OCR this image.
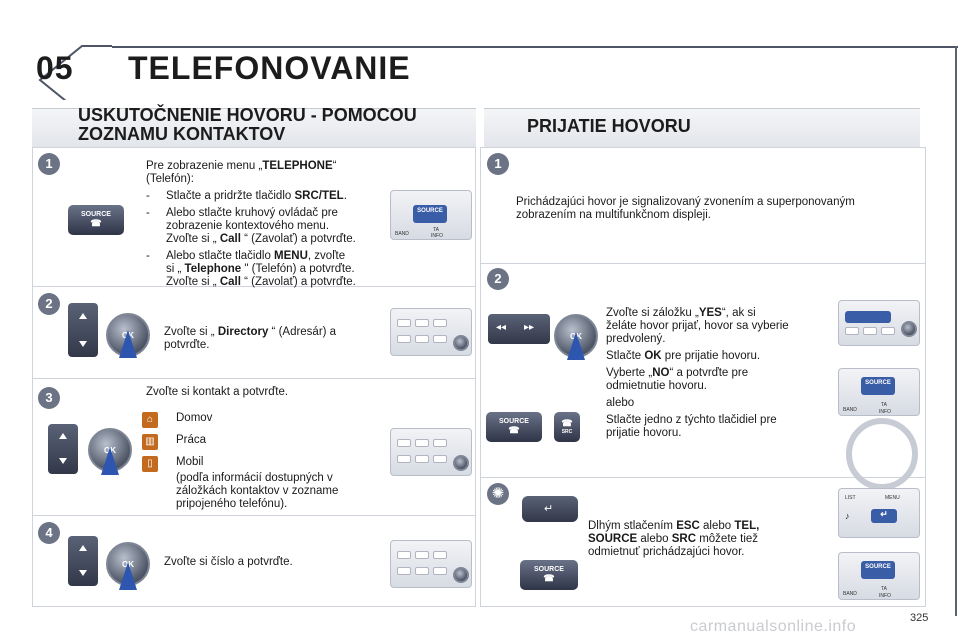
05 TELEFONOVANIE
USKUTOČNENIE HOVORU - POMOCOU
ZOZNAMU KONTAKTOV	PRIJATIE HOVORU
1
SOURCE
☎

Pre zobrazenie menu „TELEPHONE“
(Telefón):

-	Stlačte a pridržte tlačidlo SRC/TEL.
-	Alebo stlačte kruhový ovládač pre
zobrazenie kontextového menu.
Zvoľte si „ Call “ (Zavolať) a potvrďte.
-	Alebo stlačte tlačidlo MENU, zvoľte
si „ Telephone " (Telefón) a potvrďte.
Zvoľte si „ Call “ (Zavolať) a potvrďte.
SOURCE
BAND
TA
INFO
2
OK	Zvoľte si „ Directory “ (Adresár) a
potvrďte.
3	Zvoľte si kontakt a potvrďte.
OK
⌂
▥
▯

Domov

Práca

Mobil

(podľa informácií dostupných v
záložkách kontaktov v zozname
pripojeného telefónu).

4
OK	Zvoľte si číslo a potvrďte.
1
Prichádzajúci hovor je signalizovaný zvonením a superponovaným
zobrazením na multifunkčnom displeji.
2
◂◂ ▸▸
OK
SOURCE
☎
☎
SRC

Zvoľte si záložku „YES“, ak si
želáte hovor prijať, hovor sa vyberie
predvolený.

Stlačte OK pre prijatie hovoru.

Vyberte „NO“ a potvrďte pre
odmietnutie hovoru.

alebo

Stlačte jedno z týchto tlačidiel pre
prijatie hovoru.

SOURCE
BAND
TA
INFO
✺
↵
SOURCE
☎
Dlhým stlačením ESC alebo TEL,
SOURCE alebo SRC môžete tiež
odmietnuť prichádzajúci hovor.
LIST	MENU
↵
♪
SOURCE
BAND
TA
INFO
325
carmanualsonline.info
